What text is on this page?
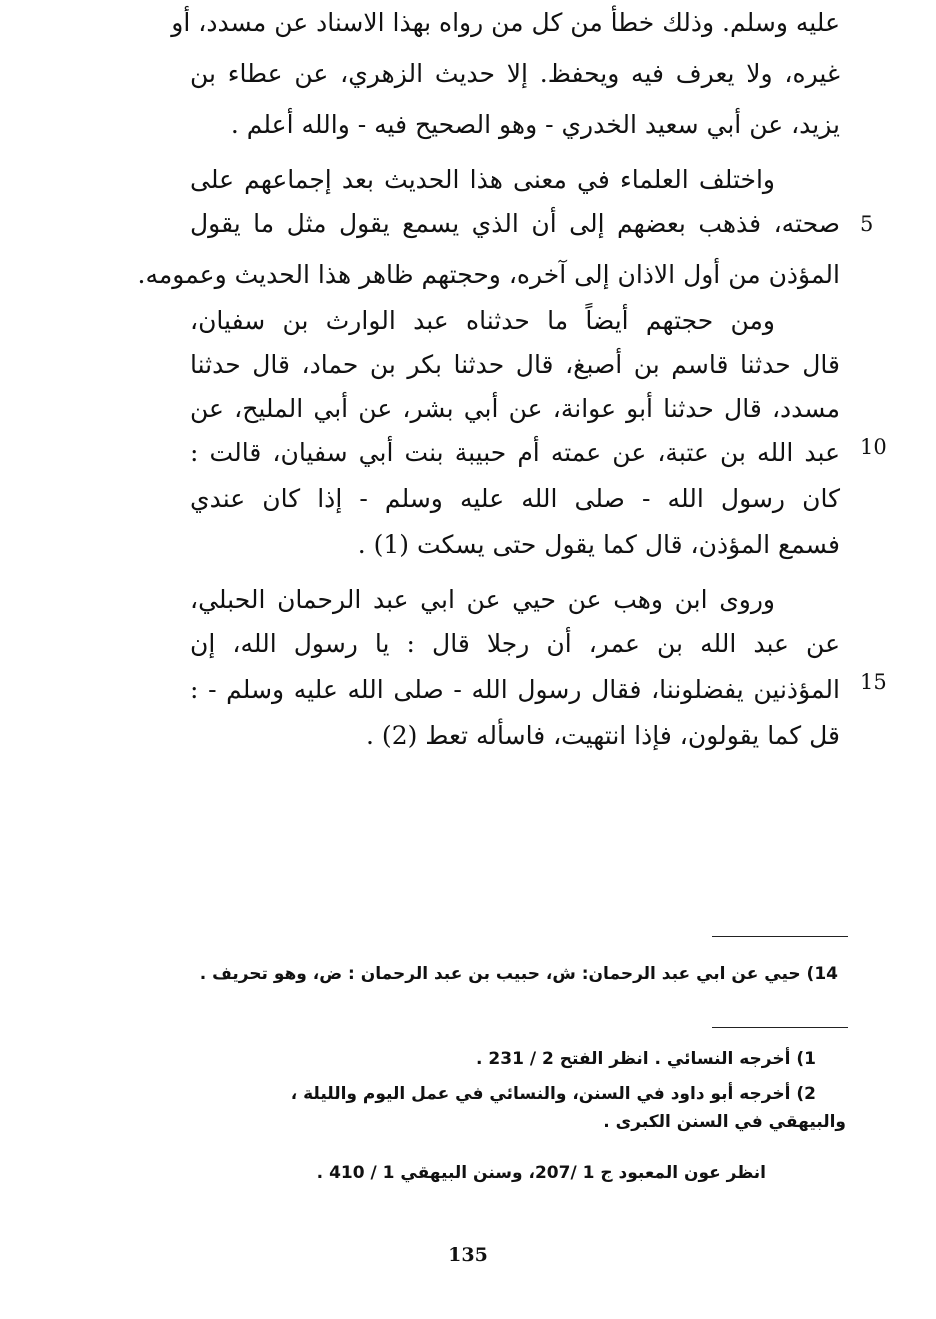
عليه وسلم. وذلك خطأ من كل من رواه بهذا الاسناد عن مسدد، أو
غيره، ولا يعرف فيه ويحفظ. إلا حديث الزهري، عن عطاء بن
يزيد، عن أبي سعيد الخدري - وهو الصحيح فيه - والله أعلم .
واختلف العلماء في معنى هذا الحديث بعد إجماعهم على
صحته، فذهب بعضهم إلى أن الذي يسمع يقول مثل ما يقول 5
المؤذن من أول الاذان إلى آخره، وحجتهم ظاهر هذا الحديث وعمومه.
ومن حجتهم أيضاً ما حدثناه عبد الوارث بن سفيان،
قال حدثنا قاسم بن أصبغ، قال حدثنا بكر بن حماد، قال حدثنا
مسدد، قال حدثنا أبو عوانة، عن أبي بشر، عن أبي المليح، عن
عبد الله بن عتبة، عن عمته أم حبيبة بنت أبي سفيان، قالت : 10
كان رسول الله - صلى الله عليه وسلم - إذا كان عندي
فسمع المؤذن، قال كما يقول حتى يسكت (1) .
وروى ابن وهب عن حيي عن ابي عبد الرحمان الحبلي،
عن عبد الله بن عمر، أن رجلا قال : يا رسول الله، إن
المؤذنين يفضلوننا، فقال رسول الله - صلى الله عليه وسلم - : 15
قل كما يقولون، فإذا انتهيت، فاسأله تعط (2) .
14) حيي عن ابي عبد الرحمان: ش، حبيب بن عبد الرحمان : ض، وهو تحريف .
1) أخرجه النسائي . انظر الفتح 2 / 231 .
2) أخرجه أبو داود في السنن، والنسائي في عمل اليوم والليلة ،
والبيهقي في السنن الكبرى .
انظر عون المعبود ج 1 /207، وسنن البيهقي 1 / 410 .
135
